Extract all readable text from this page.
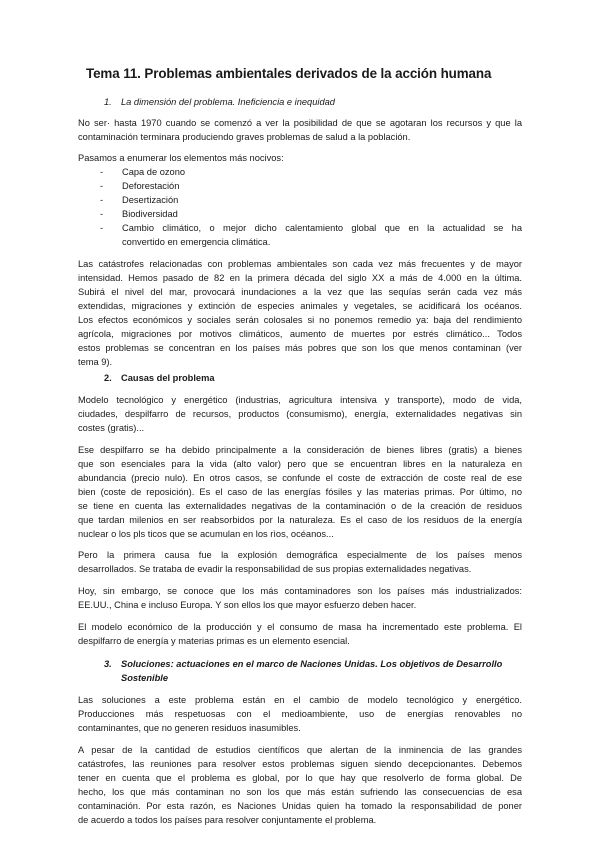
Tema 11. Problemas ambientales derivados de la acción humana
1. La dimensión del problema. Ineficiencia e inequidad
No ser· hasta 1970 cuando se comenzó a ver la posibilidad de que se agotaran los recursos y que la
contaminación terminara produciendo graves problemas de salud a la población.
Pasamos a enumerar los elementos más nocivos:
- Capa de ozono
- Deforestación
- Desertización
- Biodiversidad
- Cambio climático, o mejor dicho calentamiento global que en la actualidad se ha
convertido en emergencia climática.
Las catástrofes relacionadas con problemas ambientales son cada vez más frecuentes y de mayor
intensidad. Hemos pasado de 82 en la primera década del siglo XX a más de 4.000 en la última.
Subirá el nivel del mar, provocará inundaciones a la vez que las sequías serán cada vez más
extendidas, migraciones y extinción de especies animales y vegetales, se acidificará los océanos.
Los efectos económicos y sociales serán colosales si no ponemos remedio ya: baja del rendimiento
agrícola, migraciones por motivos climáticos, aumento de muertes por estrés climático... Todos
estos problemas se concentran en los países más pobres que son los que menos contaminan (ver
tema 9).
2. Causas del problema
Modelo tecnológico y energético (industrias, agricultura intensiva y transporte), modo de vida,
ciudades, despilfarro de recursos, productos (consumismo), energía, externalidades negativas sin
costes (gratis)...
Ese despilfarro se ha debido principalmente a la consideración de bienes libres (gratis) a bienes
que son esenciales para la vida (alto valor) pero que se encuentran libres en la naturaleza en
abundancia (precio nulo). En otros casos, se confunde el coste de extracción de coste real de ese
bien (coste de reposición). Es el caso de las energías fósiles y las materias primas. Por último, no
se tiene en cuenta las externalidades negativas de la contaminación o de la creación de residuos
que tardan milenios en ser reabsorbidos por la naturaleza. Es el caso de los residuos de la energía
nuclear o los pls ticos que se acumulan en los rìos, océanos...
Pero la primera causa fue la explosión demográfica especialmente de los países menos
desarrollados. Se trataba de evadir la responsabilidad de sus propias externalidades negativas.
Hoy, sin embargo, se conoce que los más contaminadores son los países más industrializados:
EE.UU., China e incluso Europa. Y son ellos los que mayor esfuerzo deben hacer.
El modelo económico de la producción y el consumo de masa ha incrementado este problema. El
despilfarro de energía y materias primas es un elemento esencial.
3. Soluciones: actuaciones en el marco de Naciones Unidas. Los objetivos de Desarrollo
Sostenible
Las soluciones a este problema están en el cambio de modelo tecnológico y energético.
Producciones más respetuosas con el medioambiente, uso de energías renovables no
contaminantes, que no generen residuos inasumibles.
A pesar de la cantidad de estudios científicos que alertan de la inminencia de las grandes
catástrofes, las reuniones para resolver estos problemas siguen siendo decepcionantes. Debemos
tener en cuenta que el problema es global, por lo que hay que resolverlo de forma global. De
hecho, los que más contaminan no son los que más están sufriendo las consecuencias de esa
contaminación. Por esta razón, es Naciones Unidas quien ha tomado la responsabilidad de poner
de acuerdo a todos los países para resolver conjuntamente el problema.
